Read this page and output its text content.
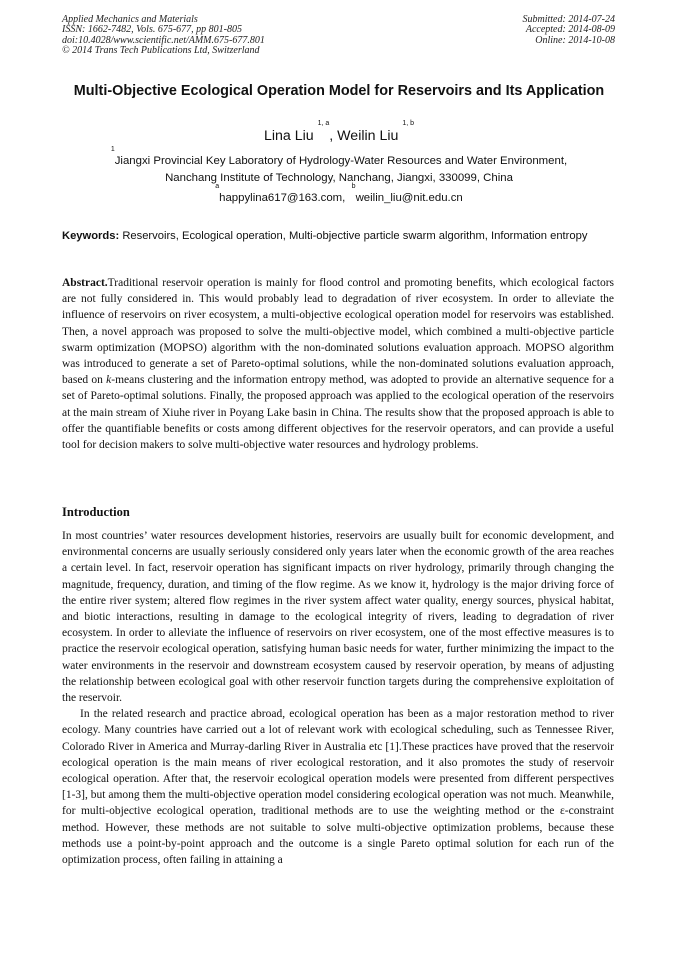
Applied Mechanics and Materials
ISSN: 1662-7482, Vols. 675-677, pp 801-805
doi:10.4028/www.scientific.net/AMM.675-677.801
© 2014 Trans Tech Publications Ltd, Switzerland
Submitted: 2014-07-24
Accepted: 2014-08-09
Online: 2014-10-08
Multi-Objective Ecological Operation Model for Reservoirs and Its Application
Lina Liu $^{1, a}$, Weilin Liu $^{1, b}$
$^1$Jiangxi Provincial Key Laboratory of Hydrology-Water Resources and Water Environment,
Nanchang Institute of Technology, Nanchang, Jiangxi, 330099, China
$^a$happylina617@163.com,  $^b$weilin_liu@nit.edu.cn
Keywords: Reservoirs, Ecological operation, Multi-objective particle swarm algorithm, Information entropy

Abstract.Traditional reservoir operation is mainly for flood control and promoting benefits, which ecological factors are not fully considered in. This would probably lead to degradation of river ecosystem. In order to alleviate the influence of reservoirs on river ecosystem, a multi-objective ecological operation model for reservoirs was established. Then, a novel approach was proposed to solve the multi-objective model, which combined a multi-objective particle swarm optimization (MOPSO) algorithm with the non-dominated solutions evaluation approach. MOPSO algorithm was introduced to generate a set of Pareto-optimal solutions, while the non-dominated solutions evaluation approach, based on k-means clustering and the information entropy method, was adopted to provide an alternative sequence for a set of Pareto-optimal solutions. Finally, the proposed approach was applied to the ecological operation of the reservoirs at the main stream of Xiuhe river in Poyang Lake basin in China. The results show that the proposed approach is able to offer the quantifiable benefits or costs among different objectives for the reservoir operators, and can provide a useful tool for decision makers to solve multi-objective water resources and hydrology problems.

Introduction

In most countries’ water resources development histories, reservoirs are usually built for economic development, and environmental concerns are usually seriously considered only years later when the economic growth of the area reaches a certain level. In fact, reservoir operation has significant impacts on river hydrology, primarily through changing the magnitude, frequency, duration, and timing of the flow regime. As we know it, hydrology is the major driving force of the entire river system; altered flow regimes in the river system affect water quality, energy sources, physical habitat, and biotic interactions, resulting in damage to the ecological integrity of rivers, leading to degradation of river ecosystem. In order to alleviate the influence of reservoirs on river ecosystem, one of the most effective measures is to practice the reservoir ecological operation, satisfying human basic needs for water, further minimizing the impact to the water environments in the reservoir and downstream ecosystem caused by reservoir operation, by means of adjusting the relationship between ecological goal with other reservoir function targets during the comprehensive exploitation of the reservoir.

In the related research and practice abroad, ecological operation has been as a major restoration method to river ecology. Many countries have carried out a lot of relevant work with ecological scheduling, such as Tennessee River, Colorado River in America and Murray-darling River in Australia etc [1].These practices have proved that the reservoir ecological operation is the main means of river ecological restoration, and it also promotes the study of reservoir ecological operation. After that, the reservoir ecological operation models were presented from different perspectives [1-3], but among them the multi-objective operation model considering ecological operation was not much. Meanwhile, for multi-objective ecological operation, traditional methods are to use the weighting method or the ε-constraint method. However, these methods are not suitable to solve multi-objective optimization problems, because these methods use a point-by-point approach and the outcome is a single Pareto optimal solution for each run of the optimization process, often failing in attaining a
